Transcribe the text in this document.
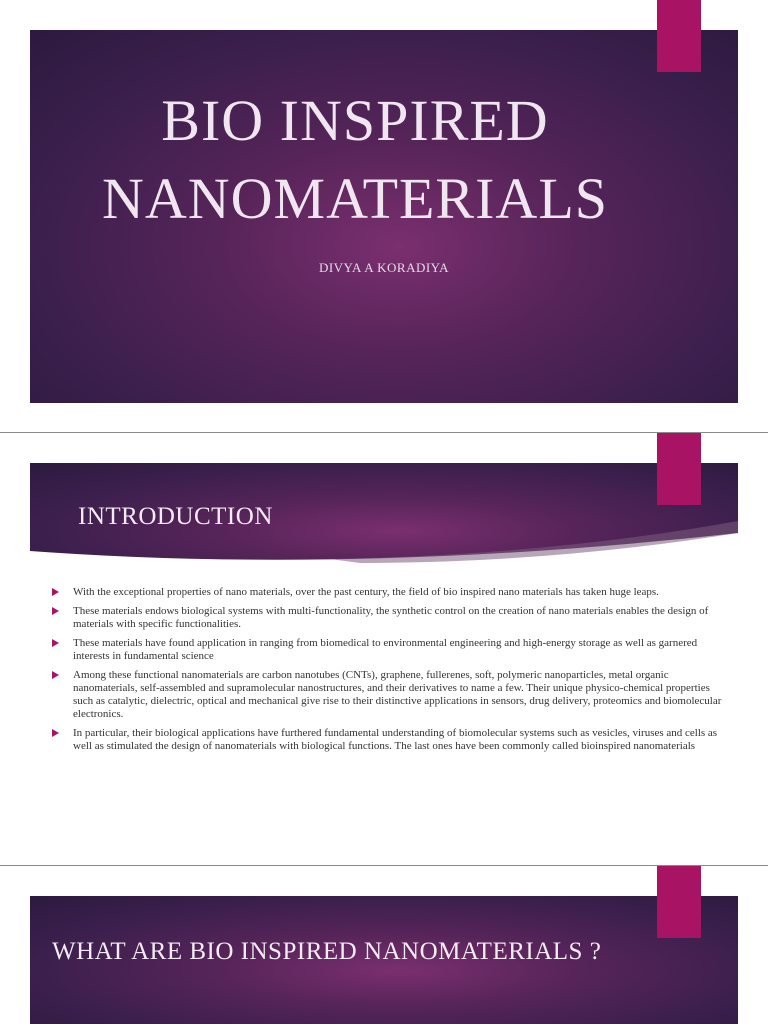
BIO INSPIRED
NANOMATERIALS
DIVYA A KORADIYA
INTRODUCTION
With the exceptional properties of nano materials, over the past century, the field of bio inspired nano materials has taken huge leaps.
These materials endows biological systems with multi-functionality, the synthetic control on the creation of nano materials enables the design of materials with specific functionalities.
These materials have found application in ranging from biomedical to environmental engineering and high-energy storage as well as garnered interests in fundamental science
Among these functional nanomaterials are carbon nanotubes (CNTs), graphene, fullerenes, soft, polymeric nanoparticles, metal organic nanomaterials, self-assembled and supramolecular nanostructures, and their derivatives to name a few. Their unique physico-chemical properties such as catalytic, dielectric, optical and mechanical give rise to their distinctive applications in sensors, drug delivery, proteomics and biomolecular electronics.
In particular, their biological applications have furthered fundamental understanding of biomolecular systems such as vesicles, viruses and cells as well as stimulated the design of nanomaterials with biological functions. The last ones have been commonly called bioinspired nanomaterials
WHAT ARE BIO INSPIRED NANOMATERIALS ?
